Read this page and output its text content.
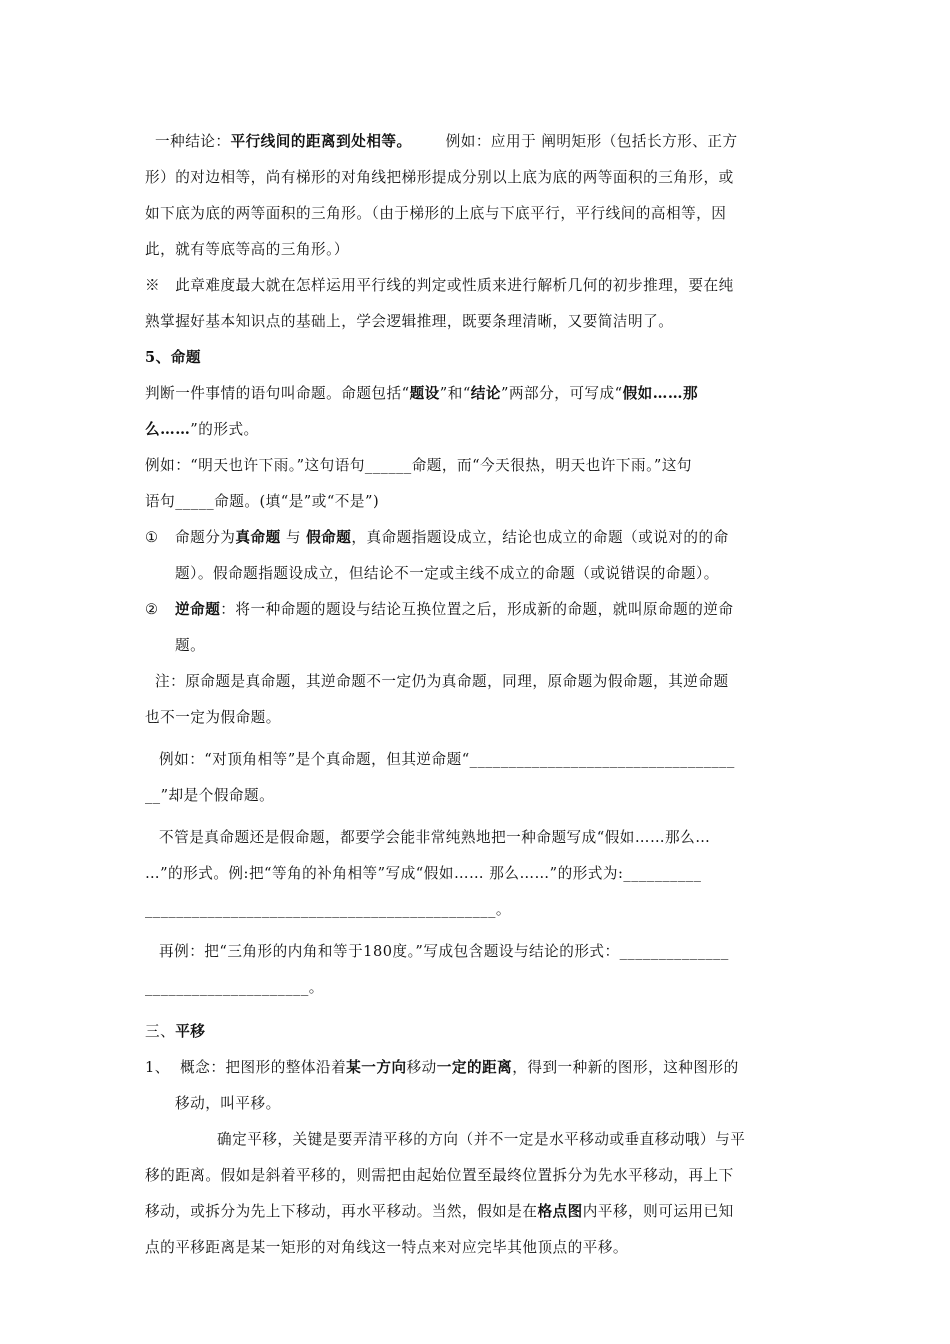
一种结论：平行线间的距离到处相等。 例如：应用于 阐明矩形（包括长方形、正方

形）的对边相等，尚有梯形的对角线把梯形提成分别以上底为底的两等面积的三角形，或

如下底为底的两等面积的三角形。（由于梯形的上底与下底平行，平行线间的高相等，因

此，就有等底等高的三角形。）

※　此章难度最大就在怎样运用平行线的判定或性质来进行解析几何的初步推理，要在纯

熟掌握好基本知识点的基础上，学会逻辑推理，既要条理清晰，又要简洁明了。

5、命题

判断一件事情的语句叫命题。命题包括“题设”和“结论”两部分，可写成“假如……那

么……”的形式。

例如：“明天也许下雨。”这句语句______命题，而“今天很热，明天也许下雨。”这句

语句_____命题。(填“是”或“不是”)

① 命题分为真命题 与 假命题，真命题指题设成立，结论也成立的命题（或说对的的命

题）。假命题指题设成立，但结论不一定或主线不成立的命题（或说错误的命题）。

② 逆命题：将一种命题的题设与结论互换位置之后，形成新的命题，就叫原命题的逆命

题。

注：原命题是真命题，其逆命题不一定仍为真命题，同理，原命题为假命题，其逆命题

也不一定为假命题。

例如：“对顶角相等”是个真命题，但其逆命题“__________________________________

__”却是个假命题。

不管是真命题还是假命题，都要学会能非常纯熟地把一种命题写成“假如……那么…

…”的形式。例:把“等角的补角相等”写成“假如…… 那么……”的形式为:__________

_____________________________________________。

再例：把“三角形的内角和等于180度。”写成包含题设与结论的形式：______________

_____________________。

三、平移

1、 概念：把图形的整体沿着某一方向移动一定的距离，得到一种新的图形，这种图形的

移动，叫平移。

确定平移，关键是要弄清平移的方向（并不一定是水平移动或垂直移动哦）与平

移的距离。假如是斜着平移的，则需把由起始位置至最终位置拆分为先水平移动，再上下

移动，或拆分为先上下移动，再水平移动。当然，假如是在格点图内平移，则可运用已知

点的平移距离是某一矩形的对角线这一特点来对应完毕其他顶点的平移。
